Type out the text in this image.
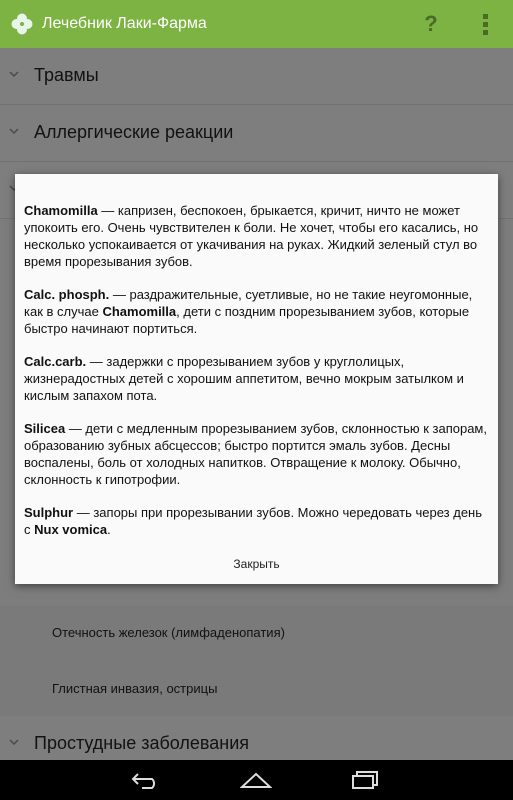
Лечебник Лаки-Фарма	?
Травмы
Аллергические реакции
Отечность железок (лимфаденопатия)
Глистная инвазия, острицы
Простудные заболевания

Chamomilla — капризен, беспокоен, брыкается, кричит, ничто не может упокоить его. Очень чувствителен к боли. Не хочет, чтобы его касались, но несколько успокаивается от укачивания на руках. Жидкий зеленый стул во время прорезывания зубов.

Calc. phosph. — раздражительные, суетливые, но не такие неугомонные, как в случае Chamomilla, дети с поздним прорезыванием зубов, которые быстро начинают портиться.

Calc.carb. — задержки с прорезыванием зубов у круглолицых, жизнерадостных детей с хорошим аппетитом, вечно мокрым затылком и кислым запахом пота.

Silicea — дети с медленным прорезыванием зубов, склонностью к запорам, образованию зубных абсцессов; быстро портится эмаль зубов. Десны воспалены, боль от холодных напитков. Отвращение к молоку. Обычно, склонность к гипотрофии.

Sulphur — запоры при прорезывании зубов. Можно чередовать через день с Nux vomica.

Закрыть
